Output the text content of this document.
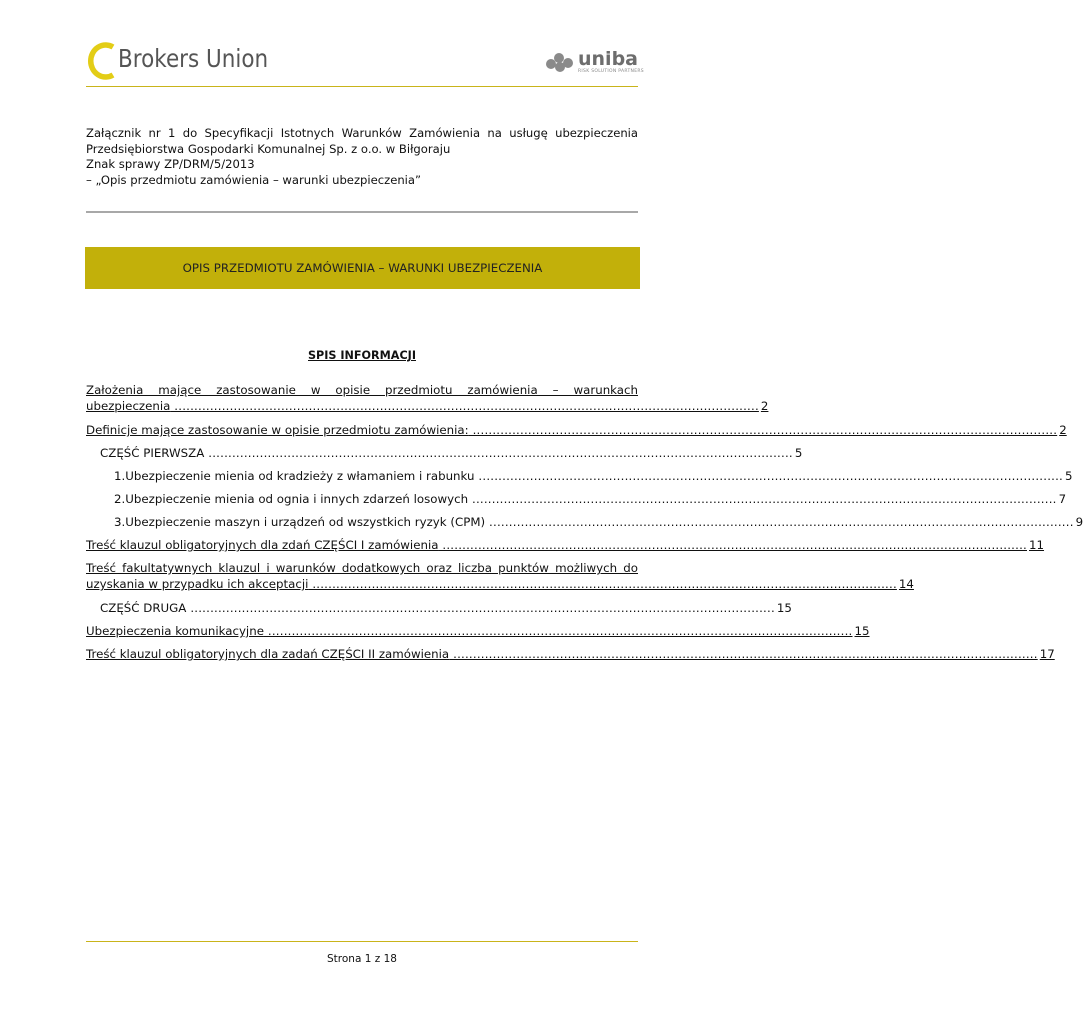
Brokers Union	uniba
RISK SOLUTION PARTNERS
Załącznik nr 1 do Specyfikacji Istotnych Warunków Zamówienia na usługę ubezpieczenia
Przedsiębiorstwa Gospodarki Komunalnej Sp. z o.o. w Biłgoraju
Znak sprawy ZP/DRM/5/2013
– „Opis przedmiotu zamówienia – warunki ubezpieczenia”
OPIS PRZEDMIOTU ZAMÓWIENIA – WARUNKI UBEZPIECZENIA
SPIS INFORMACJI
Założenia mające zastosowanie w opisie przedmiotu zamówienia – warunkach
ubezpieczenia .................................................................................................................................................... 2
Definicje mające zastosowanie w opisie przedmiotu zamówienia: .................................................................................................................................................... 2
CZĘŚĆ PIERWSZA .................................................................................................................................................... 5
1. Ubezpieczenie mienia od kradzieży z włamaniem i rabunku .................................................................................................................................................... 5
2. Ubezpieczenie mienia od ognia i innych zdarzeń losowych .................................................................................................................................................... 7
3. Ubezpieczenie maszyn i urządzeń od wszystkich ryzyk (CPM) .................................................................................................................................................... 9
Treść klauzul obligatoryjnych dla zdań CZĘŚCI I zamówienia .................................................................................................................................................... 11
Treść fakultatywnych klauzul i warunków dodatkowych oraz liczba punktów możliwych do
uzyskania w przypadku ich akceptacji .................................................................................................................................................... 14
CZĘŚĆ DRUGA .................................................................................................................................................... 15
Ubezpieczenia komunikacyjne .................................................................................................................................................... 15
Treść klauzul obligatoryjnych dla zadań CZĘŚCI II zamówienia .................................................................................................................................................... 17
Strona 1 z 18
